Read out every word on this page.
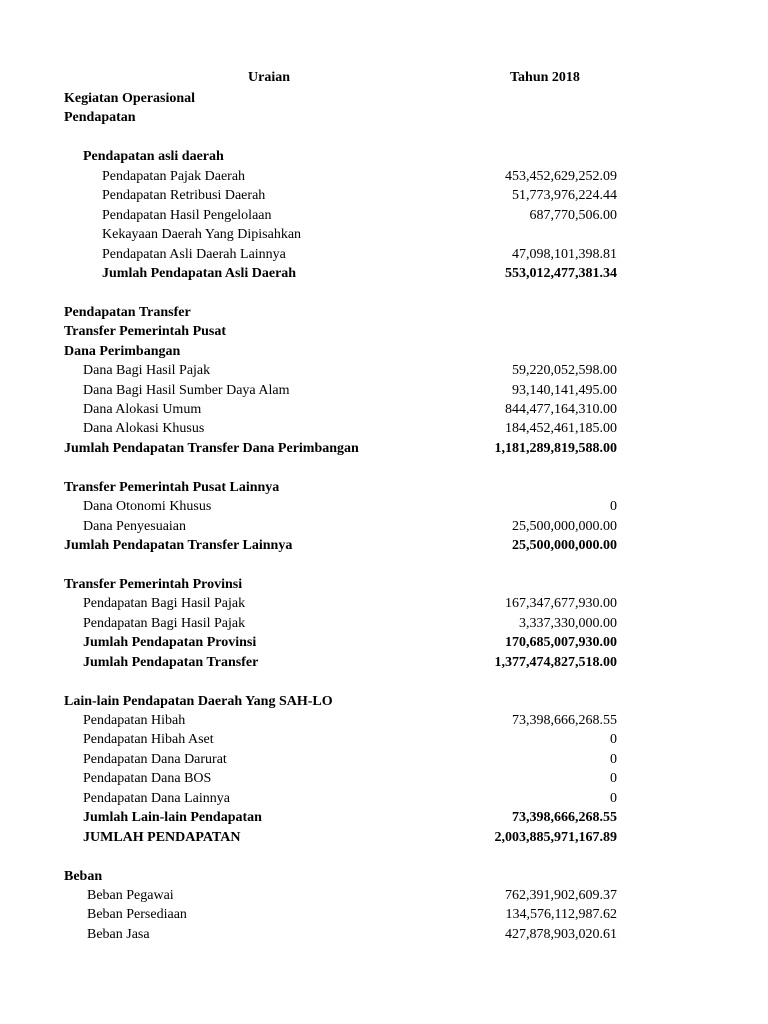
Uraian	Tahun 2018
Kegiatan Operasional
Pendapatan
Pendapatan asli daerah
Pendapatan Pajak Daerah	453,452,629,252.09
Pendapatan Retribusi Daerah	51,773,976,224.44
Pendapatan Hasil Pengelolaan	687,770,506.00
Kekayaan Daerah Yang Dipisahkan
Pendapatan Asli Daerah Lainnya	47,098,101,398.81
Jumlah Pendapatan Asli Daerah	553,012,477,381.34
Pendapatan Transfer
Transfer Pemerintah Pusat
Dana Perimbangan
Dana Bagi Hasil Pajak	59,220,052,598.00
Dana Bagi Hasil Sumber Daya Alam	93,140,141,495.00
Dana Alokasi Umum	844,477,164,310.00
Dana Alokasi Khusus	184,452,461,185.00
Jumlah Pendapatan Transfer Dana Perimbangan	1,181,289,819,588.00
Transfer Pemerintah Pusat Lainnya
Dana Otonomi Khusus	0
Dana Penyesuaian	25,500,000,000.00
Jumlah Pendapatan Transfer Lainnya	25,500,000,000.00
Transfer Pemerintah Provinsi
Pendapatan Bagi Hasil Pajak	167,347,677,930.00
Pendapatan Bagi Hasil Pajak	3,337,330,000.00
Jumlah Pendapatan Provinsi	170,685,007,930.00
Jumlah Pendapatan Transfer	1,377,474,827,518.00
Lain-lain Pendapatan Daerah Yang SAH-LO
Pendapatan Hibah	73,398,666,268.55
Pendapatan Hibah Aset	0
Pendapatan Dana Darurat	0
Pendapatan Dana BOS	0
Pendapatan Dana Lainnya	0
Jumlah Lain-lain Pendapatan	73,398,666,268.55
JUMLAH PENDAPATAN	2,003,885,971,167.89
Beban
Beban Pegawai	762,391,902,609.37
Beban Persediaan	134,576,112,987.62
Beban Jasa	427,878,903,020.61
